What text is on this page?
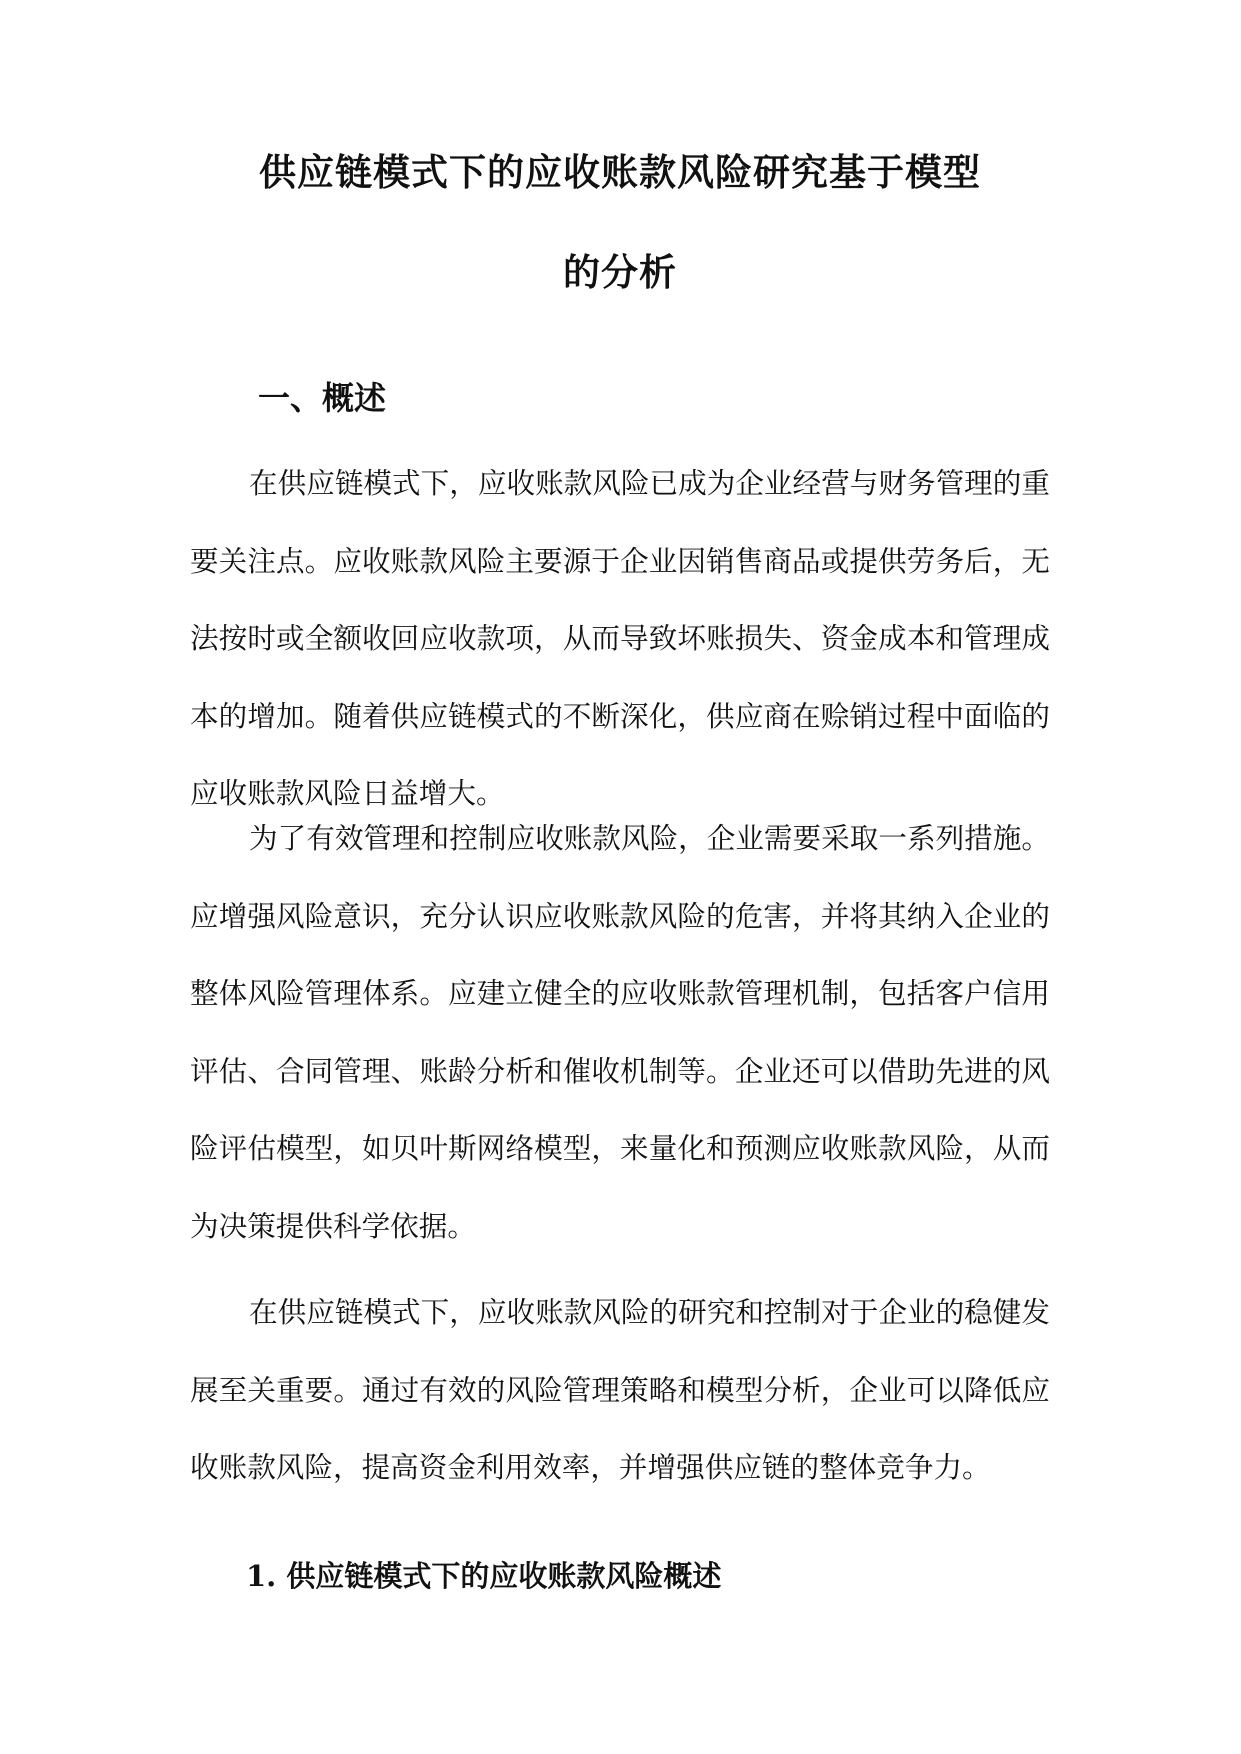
供应链模式下的应收账款风险研究基于模型
的分析
一、概述

在供应链模式下，应收账款风险已成为企业经营与财务管理的重要关注点。应收账款风险主要源于企业因销售商品或提供劳务后，无法按时或全额收回应收款项，从而导致坏账损失、资金成本和管理成本的增加。随着供应链模式的不断深化，供应商在赊销过程中面临的应收账款风险日益增大。

为了有效管理和控制应收账款风险，企业需要采取一系列措施。应增强风险意识，充分认识应收账款风险的危害，并将其纳入企业的整体风险管理体系。应建立健全的应收账款管理机制，包括客户信用评估、合同管理、账龄分析和催收机制等。企业还可以借助先进的风险评估模型，如贝叶斯网络模型，来量化和预测应收账款风险，从而为决策提供科学依据。

在供应链模式下，应收账款风险的研究和控制对于企业的稳健发展至关重要。通过有效的风险管理策略和模型分析，企业可以降低应收账款风险，提高资金利用效率，并增强供应链的整体竞争力。

1. 供应链模式下的应收账款风险概述
